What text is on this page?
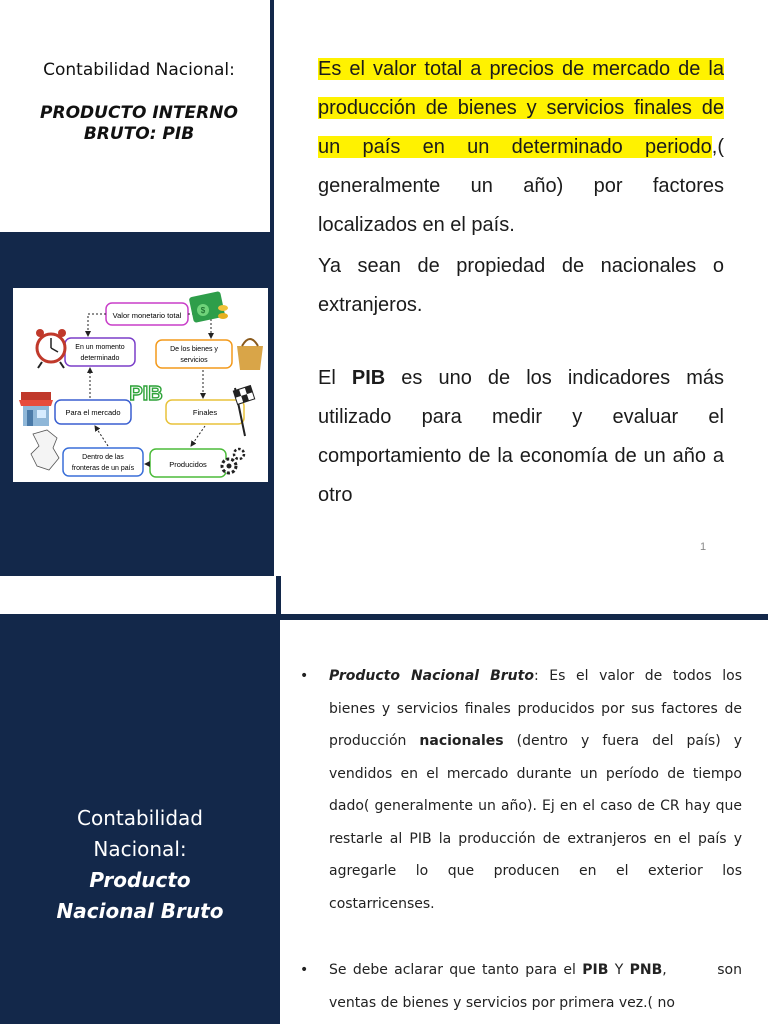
Contabilidad Nacional:
PRODUCTO INTERNO
BRUTO: PIB
Valor monetario total
En un momento
determinado
De los bienes y
servicios
Para el mercado	Finales
Dentro de las
fronteras de un país	Producidos
PIB
$

Es el valor total a precios de mercado de la producción de bienes y servicios finales de un país en un determinado periodo,( generalmente un año) por factores localizados en el país.

Ya sean de propiedad de nacionales o extranjeros.

El PIB es uno de los indicadores más utilizado para medir y evaluar el comportamiento de la economía de un año a otro

1
Contabilidad
Nacional:
Producto
Nacional Bruto

• Producto Nacional Bruto: Es el valor de todos los bienes y servicios finales producidos por sus factores de producción nacionales (dentro y fuera del país) y vendidos en el mercado durante un período de tiempo dado( generalmente un año). Ej en el caso de CR hay que restarle al PIB la producción de extranjeros en el país y agregarle lo que producen en el exterior los costarricenses.

• Se debe aclarar que tanto para el PIB Y PNB,        son ventas de bienes y servicios por primera vez.( no
